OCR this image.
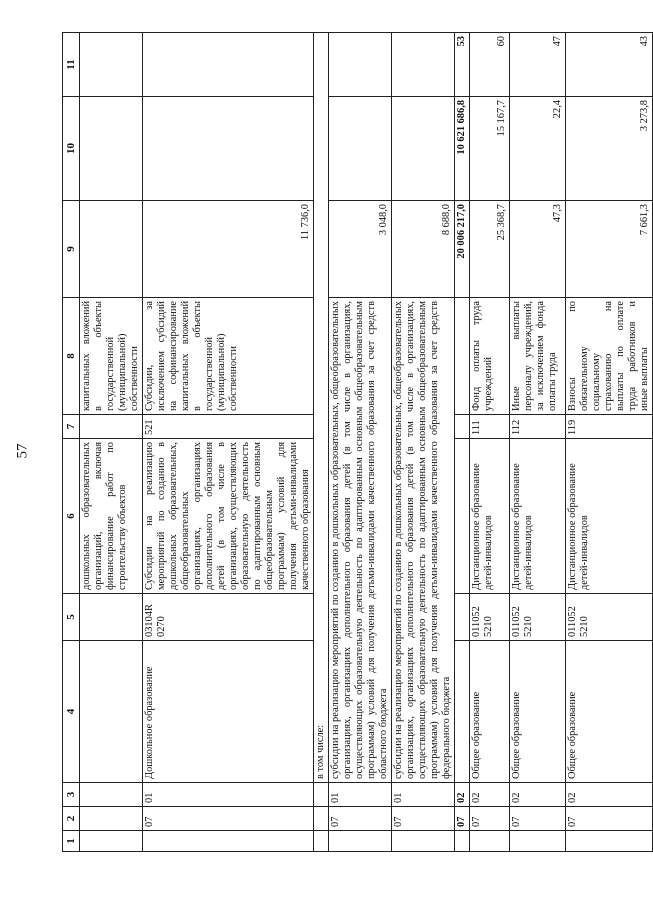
57
1	2	3	4	5	6	7	8	9	10	11
					дошкольных образовательных организаций, включая финансирование работ по строительству объектов		капитальных вложений в объекты государственной (муниципальной) собственности			
	07	01	Дошкольное образование	03104R 0270	Субсидии на реализацию мероприятий по созданию в дошкольных образовательных, общеобразовательных организациях, организациях дополнительного образования детей (в том числе в организациях, осуществляющих образовательную деятельность по адаптированным основным общеобразовательным программам) условий для получения детьми-инвалидами качественного образования	521	Субсидии, за исключением субсидий на софинансирование капитальных вложений в объекты государственной (муниципальной) собственности	11 736,0		
			в том числе:							
	07	01	субсидии на реализацию мероприятий по созданию в дошкольных образовательных, общеобразовательных организациях, организациях дополнительного образования детей (в том числе в организациях, осуществляющих образовательную деятельность по адаптированным основным общеобразовательным программам) условий для получения детьми-инвалидами качественного образования за счет средств областного бюджета					3 048,0		
	07	01	субсидии на реализацию мероприятий по созданию в дошкольных образовательных, общеобразовательных организациях, организациях дополнительного образования детей (в том числе в организациях, осуществляющих образовательную деятельность по адаптированным основным общеобразовательным программам) условий для получения детьми-инвалидами качественного образования за счет средств федерального бюджета					8 688,0		
	07	02						20 006 217,0	10 621 686,8	53
	07	02	Общее образование	011052 5210	Дистанционное образование детей-инвалидов	111	Фонд оплаты труда учреждений	25 368,7	15 167,7	60
	07	02	Общее образование	011052 5210	Дистанционное образование детей-инвалидов	112	Иные выплаты персоналу учреждений, за исключением фонда оплаты труда	47,3	22,4	47
	07	02	Общее образование	011052 5210	Дистанционное образование детей-инвалидов	119	Взносы по обязательному социальному страхованию на выплаты по оплате труда работников и иные выплаты	7 661,3	3 273,8	43
